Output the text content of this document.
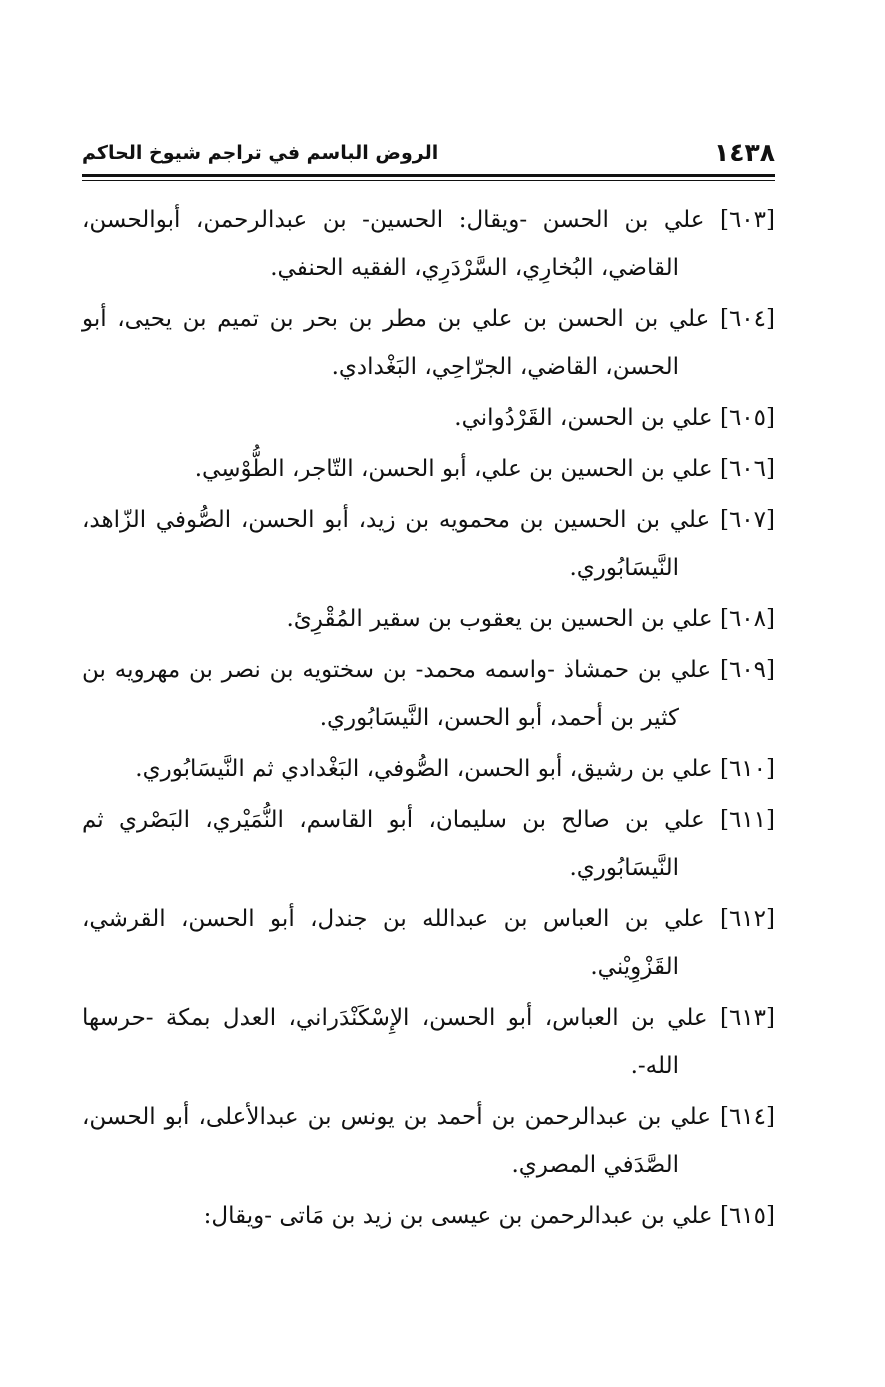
١٤٣٨
الروض الباسم في تراجم شيوخ الحاكم

[٦٠٣] علي بن الحسن -ويقال: الحسين- بن عبدالرحمن، أبوالحسن، القاضي، البُخارِي، السَّرْدَرِي، الفقيه الحنفي.

[٦٠٤] علي بن الحسن بن علي بن مطر بن بحر بن تميم بن يحيى، أبو الحسن، القاضي، الجرّاحِي، البَغْدادي.

[٦٠٥] علي بن الحسن، القَرْدُواني.

[٦٠٦] علي بن الحسين بن علي، أبو الحسن، التّاجر، الطُّوْسِي.

[٦٠٧] علي بن الحسين بن محمويه بن زيد، أبو الحسن، الصُّوفي الزّاهد، النَّيسَابُوري.

[٦٠٨] علي بن الحسين بن يعقوب بن سقير المُقْرِئ.

[٦٠٩] علي بن حمشاذ -واسمه محمد- بن سختويه بن نصر بن مهرويه بن كثير بن أحمد، أبو الحسن، النَّيسَابُوري.

[٦١٠] علي بن رشيق، أبو الحسن، الصُّوفي، البَغْدادي ثم النَّيسَابُوري.

[٦١١] علي بن صالح بن سليمان، أبو القاسم، النُّمَيْري، البَصْري ثم النَّيسَابُوري.

[٦١٢] علي بن العباس بن عبدالله بن جندل، أبو الحسن، القرشي، القَزْوِيْني.

[٦١٣] علي بن العباس، أبو الحسن، الإِسْكَنْدَراني، العدل بمكة -حرسها الله-.

[٦١٤] علي بن عبدالرحمن بن أحمد بن يونس بن عبدالأعلى، أبو الحسن، الصَّدَفي المصري.

[٦١٥] علي بن عبدالرحمن بن عيسى بن زيد بن مَاتى -ويقال:
